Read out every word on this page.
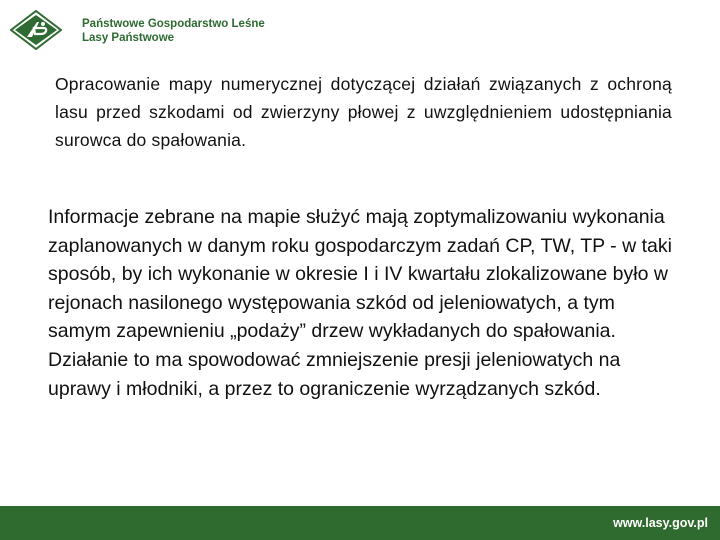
Państwowe Gospodarstwo Leśne
Lasy Państwowe
Opracowanie mapy numerycznej dotyczącej działań związanych z ochroną lasu przed szkodami od zwierzyny płowej z uwzględnieniem udostępniania surowca do spałowania.
Informacje zebrane na mapie służyć mają zoptymalizowaniu wykonania zaplanowanych w danym roku gospodarczym zadań CP, TW, TP - w taki sposób, by ich wykonanie w okresie I i IV kwartału zlokalizowane było w rejonach nasilonego występowania szkód od jeleniowatych, a tym samym zapewnieniu „podaży” drzew wykładanych do spałowania. Działanie to ma spowodować zmniejszenie presji jeleniowatych na uprawy i młodniki, a przez to ograniczenie wyrządzanych szkód.
www.lasy.gov.pl
